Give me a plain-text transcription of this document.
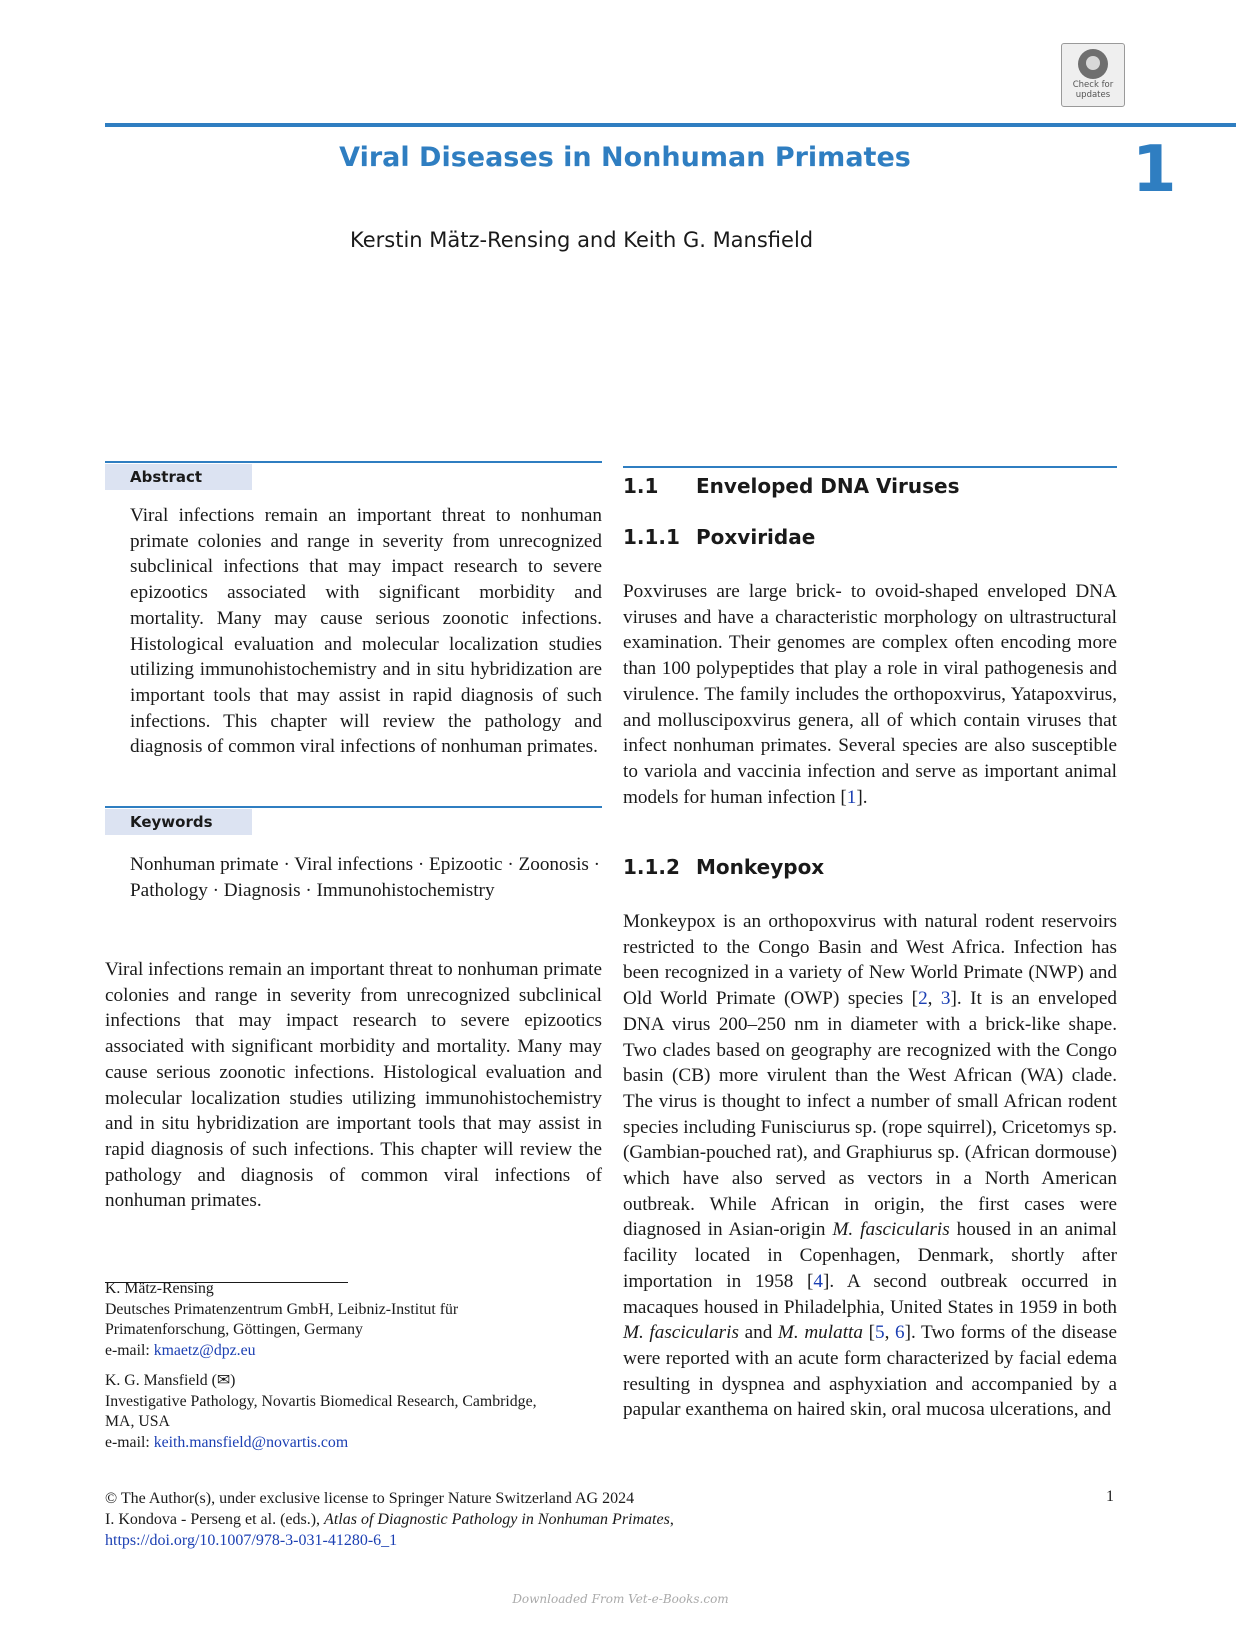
Check for updates
Viral Diseases in Nonhuman Primates	1
Kerstin Mätz-Rensing and Keith G. Mansfield
Abstract

Viral infections remain an important threat to nonhuman primate colonies and range in severity from unrecognized subclinical infections that may impact research to severe epizootics associated with significant morbidity and mortality. Many may cause serious zoonotic infections. Histological evaluation and molecular localization studies utilizing immunohistochemistry and in situ hybridization are important tools that may assist in rapid diagnosis of such infections. This chapter will review the pathology and diagnosis of common viral infections of nonhuman primates.

Keywords

Nonhuman primate · Viral infections · Epizootic · Zoonosis · Pathology · Diagnosis · Immunohistochemistry

Viral infections remain an important threat to nonhuman primate colonies and range in severity from unrecognized subclinical infections that may impact research to severe epizootics associated with significant morbidity and mortality. Many may cause serious zoonotic infections. Histological evaluation and molecular localization studies utilizing immunohistochemistry and in situ hybridization are important tools that may assist in rapid diagnosis of such infections. This chapter will review the pathology and diagnosis of common viral infections of nonhuman primates.

K. Mätz-Rensing
Deutsches Primatenzentrum GmbH, Leibniz-Institut für
Primatenforschung, Göttingen, Germany
e-mail: kmaetz@dpz.eu
K. G. Mansfield (✉)
Investigative Pathology, Novartis Biomedical Research, Cambridge,
MA, USA
e-mail: keith.mansfield@novartis.com
1.1 Enveloped DNA Viruses
1.1.1 Poxviridae

Poxviruses are large brick- to ovoid-shaped enveloped DNA viruses and have a characteristic morphology on ultrastructural examination. Their genomes are complex often encoding more than 100 polypeptides that play a role in viral pathogenesis and virulence. The family includes the orthopoxvirus, Yatapoxvirus, and molluscipoxvirus genera, all of which contain viruses that infect nonhuman primates. Several species are also susceptible to variola and vaccinia infection and serve as important animal models for human infection [1].

1.1.2 Monkeypox

Monkeypox is an orthopoxvirus with natural rodent reservoirs restricted to the Congo Basin and West Africa. Infection has been recognized in a variety of New World Primate (NWP) and Old World Primate (OWP) species [2, 3]. It is an enveloped DNA virus 200–250 nm in diameter with a brick-like shape. Two clades based on geography are recognized with the Congo basin (CB) more virulent than the West African (WA) clade. The virus is thought to infect a number of small African rodent species including Funisciurus sp. (rope squirrel), Cricetomys sp. (Gambian-pouched rat), and Graphiurus sp. (African dormouse) which have also served as vectors in a North American outbreak. While African in origin, the first cases were diagnosed in Asian-origin M. fascicularis housed in an animal facility located in Copenhagen, Denmark, shortly after importation in 1958 [4]. A second outbreak occurred in macaques housed in Philadelphia, United States in 1959 in both M. fascicularis and M. mulatta [5, 6]. Two forms of the disease were reported with an acute form characterized by facial edema resulting in dyspnea and asphyxiation and accompanied by a papular exanthema on haired skin, oral mucosa ulcerations, and

© The Author(s), under exclusive license to Springer Nature Switzerland AG 2024
I. Kondova - Perseng et al. (eds.), Atlas of Diagnostic Pathology in Nonhuman Primates,
https://doi.org/10.1007/978-3-031-41280-6_1
1
Downloaded From Vet-e-Books.com
